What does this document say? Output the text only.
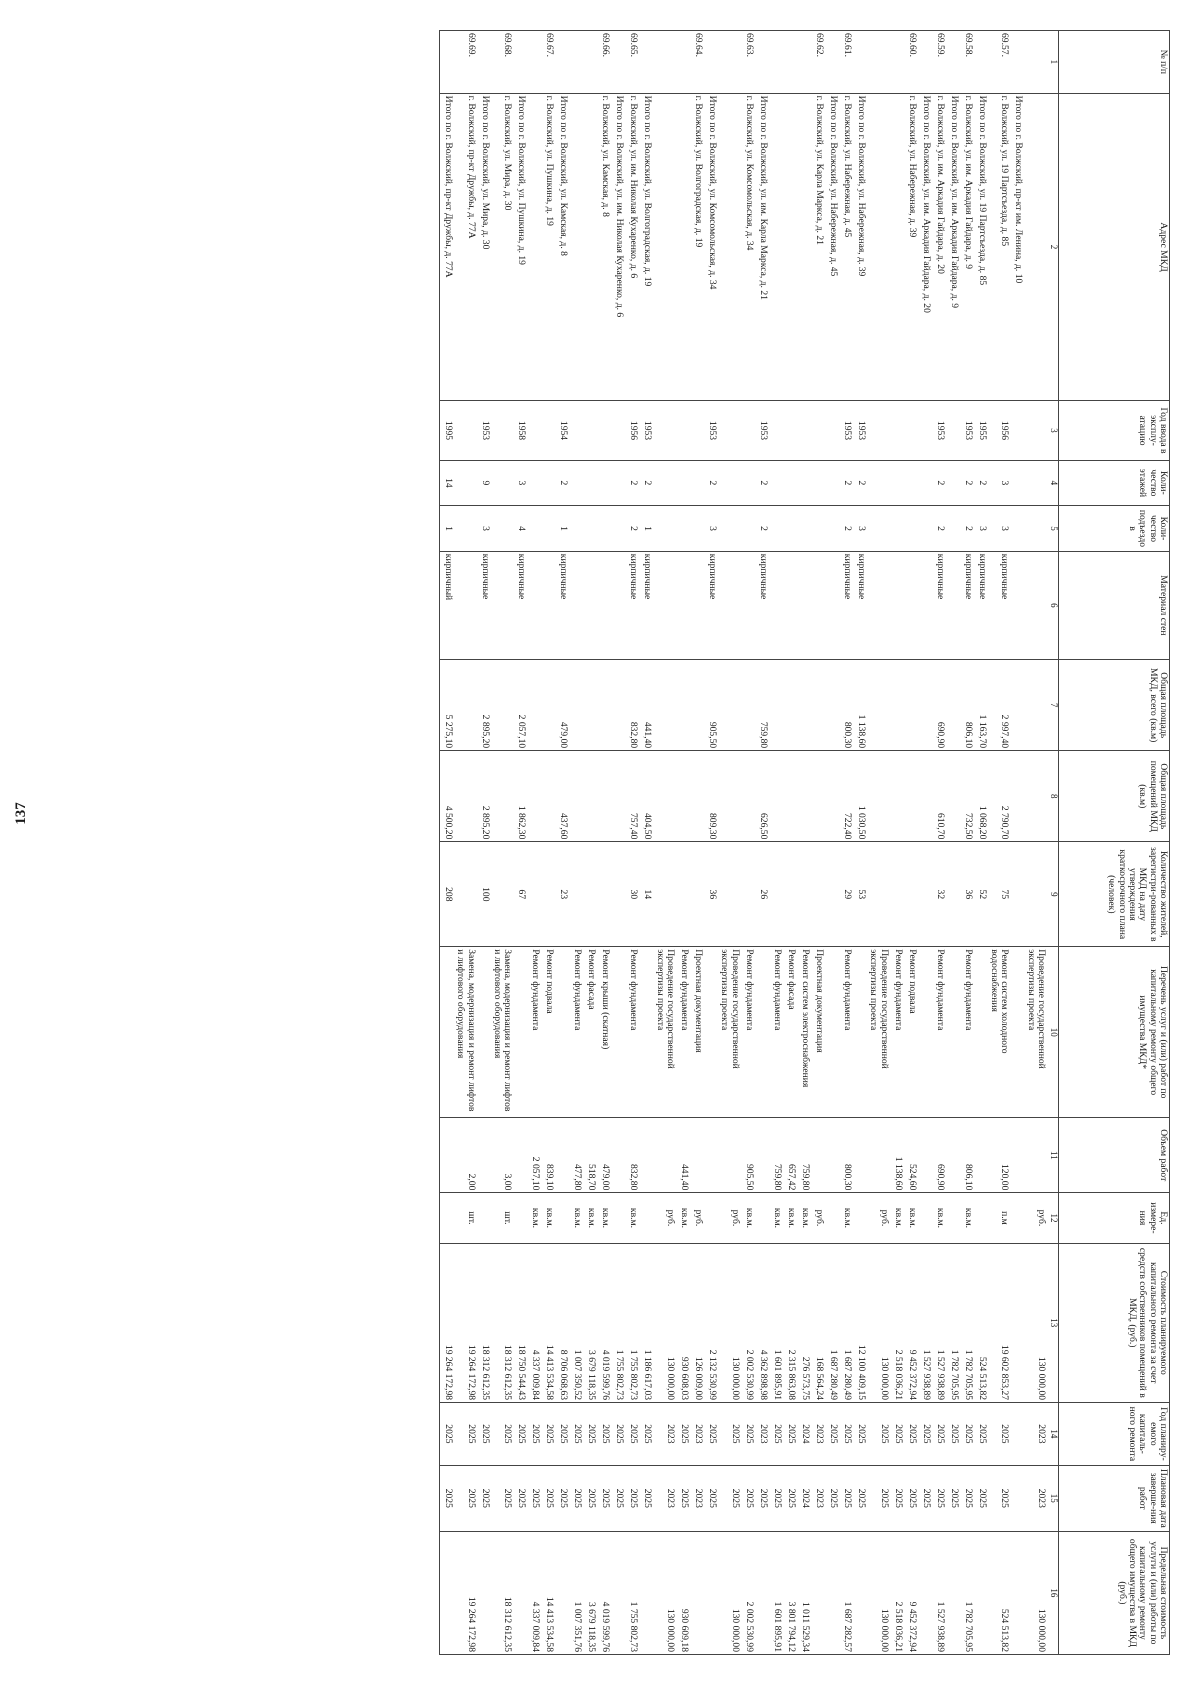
137
№ п/п	Адрес МКД	Год ввода в эксплу-атацию	Коли-чество этажей	Коли-чество подъездо в	Материал стен	Общая площадь МКД, всего (кв.м)	Общая площадь помещений МКД (кв.м)	Количество жителей, зарегистри-рованных в МКД на дату утверждения краткосрочного плана (человек)	Перечень услуг и (или) работ по капитальному ремонту общего имущества МКД*	Объем работ	Ед. измере-ния	Стоимость планируемого капитального ремонта за счет средств собственников помещений в МКД, (руб.)	Год планиру-емого капиталь-ного ремонта	Плановая дата заверше-ния работ	Предельная стоимость услуги и (или) работы по капитальному ремонту общего имущества в МКД (руб.)
1	2	3	4	5	6	7	8	9	10	11	12	13	14	15	16
									Проведение государственной экспертизы проекта		руб.	130 000,00	2023	2023	130 000,00
	Итого по г. Волжский, пр-кт им. Ленина, д. 10														
69.57.	г. Волжский, ул. 19 Партсъезда, д. 85	1956	3	3	кирпичные	2 997,40	2 790,70	75	Ремонт систем холодного водоснабжения	120,00	п.м	19 602 853,27	2025	2025	524 513,82
	Итого по г. Волжский, ул. 19 Партсъезда, д. 85	1955	2	3	кирпичные	1 163,70	1 068,20	52				524 513,82	2025	2025	
69.58.	г. Волжский, ул. им. Аркадия Гайдара, д. 9	1953	2	2	кирпичные	806,10	732,50	36	Ремонт фундамента	806,10	кв.м.	1 782 705,95	2025	2025	1 782 705,95
	Итого по г. Волжский, ул. им. Аркадия Гайдара, д. 9											1 782 705,95	2025	2025	
69.59.	г. Волжский, ул. им. Аркадия Гайдара, д. 20	1953	2	2	кирпичные	690,90	610,70	32	Ремонт фундамента	690,90	кв.м.	1 527 938,89	2025	2025	1 527 938,89
	Итого по г. Волжский, ул. им. Аркадия Гайдара, д. 20											1 527 938,89	2025	2025	
69.60.	г. Волжский, ул. Набережная, д. 39								Ремонт подвала	524,60	кв.м.	9 452 372,94	2025	2025	9 452 372,94
									Ремонт фундамента	1 138,60	кв.м.	2 518 036,21	2025	2025	2 518 036,21
									Проведение государственной экспертизы проекта		руб.	130 000,00	2025	2025	130 000,00
	Итого по г. Волжский, ул. Набережная, д. 39	1953	2	3	кирпичные	1 138,60	1 030,50	53				12 100 409,15	2025	2025	
69.61.	г. Волжский, ул. Набережная, д. 45	1953	2	2	кирпичные	800,30	722,40	29	Ремонт фундамента	800,30	кв.м.	1 687 280,49	2025	2025	1 687 282,57
	Итого по г. Волжский, ул. Набережная, д. 45											1 687 280,49	2025	2025	
69.62.	г. Волжский, ул. Карла Маркса, д. 21								Проектная документация		руб.	168 564,24	2023	2023	
									Ремонт систем электроснабжения	759,80	кв.м.	276 573,75	2024	2024	1 011 529,34
									Ремонт фасада	657,42	кв.м.	2 315 863,08	2025	2025	3 801 794,12
									Ремонт фундамента	759,80	кв.м.	1 601 895,91	2025	2025	1 601 895,91
	Итого по г. Волжский, ул. им. Карла Маркса, д. 21	1953	2	2	кирпичные	759,80	626,50	26				4 362 898,98	2023	2025	
69.63.	г. Волжский, ул. Комсомольская, д. 34								Ремонт фундамента	905,50	кв.м.	2 002 530,99	2025	2025	2 002 530,99
									Проведение государственной экспертизы проекта		руб.	130 000,00	2025	2025	130 000,00
	Итого по г. Волжский, ул. Комсомольская, д. 34	1953	2	3	кирпичные	905,50	809,30	36				2 132 530,99	2025	2025	
69.64.	г. Волжский, ул. Волгоградская, д. 19								Проектная документация		руб.	126 009,00	2023	2023	
									Ремонт фундамента	441,40	кв.м.	930 608,03	2025	2025	930 609,18
									Проведение государственной экспертизы проекта		руб.	130 000,00	2023	2023	130 000,00
	Итого по г. Волжский, ул. Волгоградская, д. 19	1953	2	1	кирпичные	441,40	404,50	14				1 186 617,03	2025	2025	
69.65.	г. Волжский, ул. им. Николая Кухаренко, д. 6	1956	2	2	кирпичные	832,80	757,40	30	Ремонт фундамента	832,80	кв.м.	1 755 802,73	2025	2025	1 755 802,73
	Итого по г. Волжский, ул. им. Николая Кухаренко, д. 6											1 755 802,73	2025	2025	
69.66.	г. Волжский, ул. Камская, д. 8								Ремонт крыши (скатная)	479,00	кв.м.	4 019 599,76	2025	2025	4 019 599,76
									Ремонт фасада	518,70	кв.м.	3 679 118,35	2025	2025	3 679 118,35
									Ремонт фундамента	477,80	кв.м.	1 007 350,52	2025	2025	1 007 351,76
	Итого по г. Волжский, ул. Камская, д. 8	1954	2	1	кирпичные	479,00	437,60	23				8 706 068,63	2025	2025	
69.67.	г. Волжский, ул. Пушкина, д. 19								Ремонт подвала	839,10	кв.м.	14 413 534,58	2025	2025	14 413 534,58
									Ремонт фундамента	2 057,10	кв.м.	4 337 009,84	2025	2025	4 337 009,84
	Итого по г. Волжский, ул. Пушкина, д. 19	1958	3	4	кирпичные	2 057,10	1 862,30	67				18 750 544,43	2025	2025	
69.68.	г. Волжский, ул. Мира, д. 30								Замена, модернизация и ремонт лифтов и лифтового оборудования	3,00	шт.	18 312 612,35	2025	2025	18 312 612,35
	Итого по г. Волжский, ул. Мира, д. 30	1953	9	3	кирпичные	2 895,20	2 895,20	100				18 312 612,35	2025	2025	
69.69.	г. Волжский, пр-кт Дружбы, д. 77А								Замена, модернизация и ремонт лифтов и лифтового оборудования	2,00	шт.	19 264 172,98	2025	2025	19 264 172,98
	Итого по г. Волжский, пр-кт Дружбы, д. 77А	1995	14	1	кирпичный	5 275,10	4 500,20	208				19 264 172,98	2025	2025	
